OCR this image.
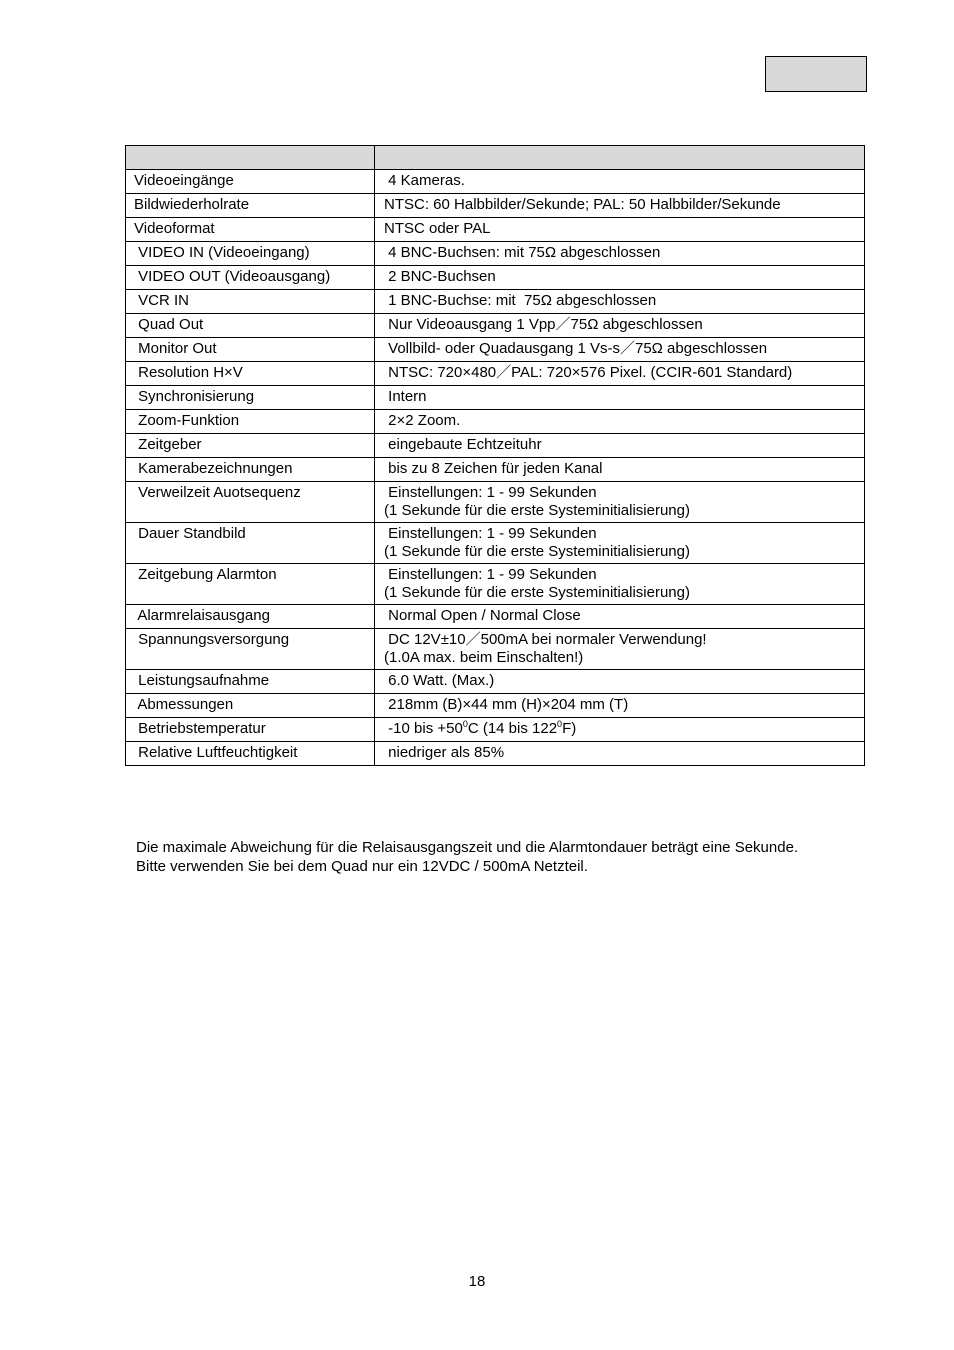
Videoeingänge	4 Kameras.

Bildwiederholrate	NTSC: 60 Halbbilder/Sekunde; PAL: 50 Halbbilder/Sekunde

Videoformat	NTSC oder PAL

VIDEO IN (Videoeingang)	4 BNC-Buchsen: mit 75Ω abgeschlossen

VIDEO OUT (Videoausgang)	2 BNC-Buchsen

VCR IN	1 BNC-Buchse: mit  75Ω abgeschlossen

Quad Out	Nur Videoausgang 1 Vpp／75Ω abgeschlossen

Monitor Out	Vollbild- oder Quadausgang 1 Vs-s／75Ω abgeschlossen

Resolution H×V	NTSC: 720×480／PAL: 720×576 Pixel. (CCIR-601 Standard)

Synchronisierung	Intern

Zoom-Funktion	2×2 Zoom.

Zeitgeber	eingebaute Echtzeituhr

Kamerabezeichnungen	bis zu 8 Zeichen für jeden Kanal

Verweilzeit Auotsequenz	Einstellungen: 1 - 99 Sekunden
(1 Sekunde für die erste Systeminitialisierung)

Dauer Standbild	Einstellungen: 1 - 99 Sekunden
(1 Sekunde für die erste Systeminitialisierung)

Zeitgebung Alarmton	Einstellungen: 1 - 99 Sekunden
(1 Sekunde für die erste Systeminitialisierung)

Alarmrelaisausgang	Normal Open / Normal Close

Spannungsversorgung	DC 12V±10／500mA bei normaler Verwendung!
(1.0A max. beim Einschalten!)

Leistungsaufnahme	6.0 Watt. (Max.)

Abmessungen	218mm (B)×44 mm (H)×204 mm (T)

Betriebstemperatur	-10 bis $+50^0C$ (14 bis $122^0F$)

Relative Luftfeuchtigkeit	niedriger als 85%

Die maximale Abweichung für die Relaisausgangszeit und die Alarmtondauer beträgt eine Sekunde.

Bitte verwenden Sie bei dem Quad nur ein 12VDC / 500mA Netzteil.

18
